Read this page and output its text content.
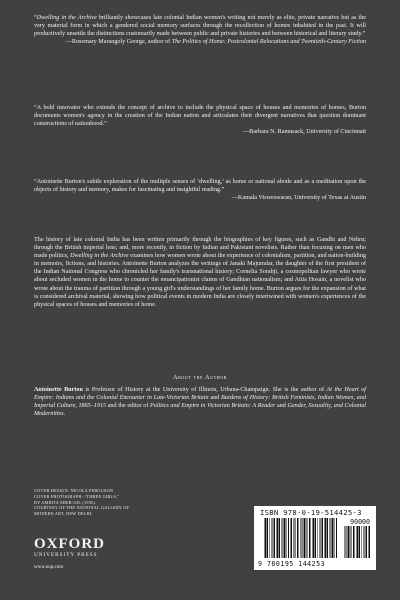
“Dwelling in the Archive brilliantly showcases late colonial Indian women's writing not merely as elite, private narrative but as the very material form in which a gendered social memory surfaces through the recollection of homes inhabited in the past. It will productively unsettle the distinctions customarily made between public and private histories and between historical and literary study.”

—Rosemary Marangoly George, author of The Politics of Home: Postcolonial Relocations and Twentieth-Century Fiction

“A bold innovator who extends the concept of archive to include the physical space of houses and memories of homes, Burton documents women's agency in the creation of the Indian nation and articulates their divergent narratives that question dominant constructions of nationhood.”

—Barbara N. Ramusack, University of Cincinnati

“Antoinette Burton's subtle exploration of the multiple senses of ‘dwelling,’ as home or national abode and as a meditation upon the objects of history and memory, makes for fascinating and insightful reading.”

—Kamala Visweswaran, University of Texas at Austin

The history of late colonial India has been written primarily through the biographies of key figures, such as Gandhi and Nehru; through the British imperial lens; and, more recently, in fiction by Indian and Pakistani novelists. Rather than focusing on men who made politics, Dwelling in the Archive examines how women wrote about the experience of colonialism, partition, and nation-building in memoirs, fictions, and histories. Antoinette Burton analyzes the writings of Janaki Majumdar, the daughter of the first president of the Indian National Congress who chronicled her family's transnational history; Cornelia Sorabji, a cosmopolitan lawyer who wrote about secluded women in the home to counter the emancipationist claims of Gandhian nationalism; and Attia Hosain, a novelist who wrote about the trauma of partition through a young girl's understandings of her family home. Burton argues for the expansion of what is considered archival material, showing how political events in modern India are closely intertwined with women's experiences of the physical spaces of houses and memories of home.

About the Author

Antoinette Burton is Professor of History at the University of Illinois, Urbana-Champaign. She is the author of At the Heart of Empire: Indians and the Colonial Encounter in Late-Victorian Britain and Burdens of History: British Feminists, Indian Women, and Imperial Culture, 1865–1915 and the editor of Politics and Empire in Victorian Britain: A Reader and Gender, Sexuality, and Colonial Modernities.

COVER DESIGN: NICOLA FERGUSON
COVER PHOTOGRAPH: “THREE GIRLS,”
BY AMRITA SHER-GIL (1935).
COURTESY OF THE NATIONAL GALLERY OF
MODERN ART, NEW DELHI.
OXFORD
UNIVERSITY PRESS
www.oup.com
ISBN 978-0-19-514425-3
90000
9 780195 144253
